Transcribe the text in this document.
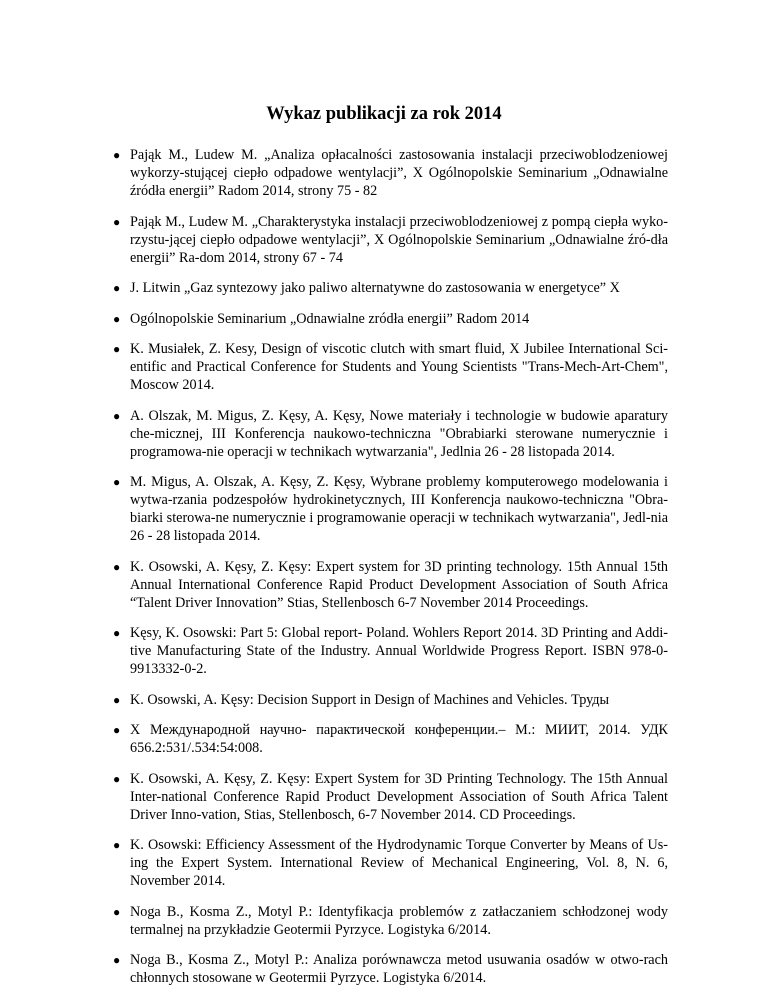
Wykaz publikacji za rok 2014
● Pająk M., Ludew M. „Analiza opłacalności zastosowania instalacji przeciwoblodzeniowej wykorzy-stującej ciepło odpadowe wentylacji”, X Ogólnopolskie Seminarium „Odnawialne źródła energii” Radom 2014, strony 75 - 82
● Pająk M., Ludew M. „Charakterystyka instalacji przeciwoblodzeniowej z pompą ciepła wyko-rzystu-jącej ciepło odpadowe wentylacji”, X Ogólnopolskie Seminarium „Odnawialne źró-dła energii” Ra-dom 2014, strony 67 - 74
● J. Litwin „Gaz syntezowy jako paliwo alternatywne do zastosowania w energetyce” X
● Ogólnopolskie Seminarium „Odnawialne zródła energii” Radom 2014
● K. Musiałek, Z. Kesy, Design of viscotic clutch with smart fluid, X Jubilee International Sci-entific and Practical Conference for Students and Young Scientists "Trans-Mech-Art-Chem", Moscow 2014.
● A. Olszak, M. Migus, Z. Kęsy, A. Kęsy, Nowe materiały i technologie w budowie aparatury che-micznej, III Konferencja naukowo-techniczna "Obrabiarki sterowane numerycznie i programowa-nie operacji w technikach wytwarzania", Jedlnia 26 - 28 listopada 2014.
● M. Migus, A. Olszak, A. Kęsy, Z. Kęsy, Wybrane problemy komputerowego modelowania i wytwa-rzania podzespołów hydrokinetycznych, III Konferencja naukowo-techniczna "Obra-biarki sterowa-ne numerycznie i programowanie operacji w technikach wytwarzania", Jedl-nia 26 - 28 listopada 2014.
● K. Osowski, A. Kęsy, Z. Kęsy: Expert system for 3D printing technology. 15th Annual 15th Annual International Conference Rapid Product Development Association of South Africa “Talent Driver Innovation” Stias, Stellenbosch 6-7 November 2014 Proceedings.
● Kęsy, K. Osowski: Part 5: Global report- Poland. Wohlers Report 2014. 3D Printing and Addi-tive Manufacturing State of the Industry. Annual Worldwide Progress Report. ISBN 978-0-9913332-0-2.
● K. Osowski, A. Kęsy: Decision Support in Design of Machines and Vehicles. Труды
● X Международной научно- парактической конференции.– М.: МИИТ, 2014. УДК 656.2:531/.534:54:008.
● K. Osowski, A. Kęsy, Z. Kęsy: Expert System for 3D Printing Technology. The 15th Annual Inter-national Conference Rapid Product Development Association of South Africa Talent Driver Inno-vation, Stias, Stellenbosch, 6-7 November 2014. CD Proceedings.
● K. Osowski: Efficiency Assessment of the Hydrodynamic Torque Converter by Means of Us-ing the Expert System. International Review of Mechanical Engineering, Vol. 8, N. 6, November 2014.
● Noga B., Kosma Z., Motyl P.: Identyfikacja problemów z zatłaczaniem schłodzonej wody termalnej na przykładzie Geotermii Pyrzyce. Logistyka 6/2014.
● Noga B., Kosma Z., Motyl P.: Analiza porównawcza metod usuwania osadów w otwo-rach chłonnych stosowane w Geotermii Pyrzyce. Logistyka 6/2014.
